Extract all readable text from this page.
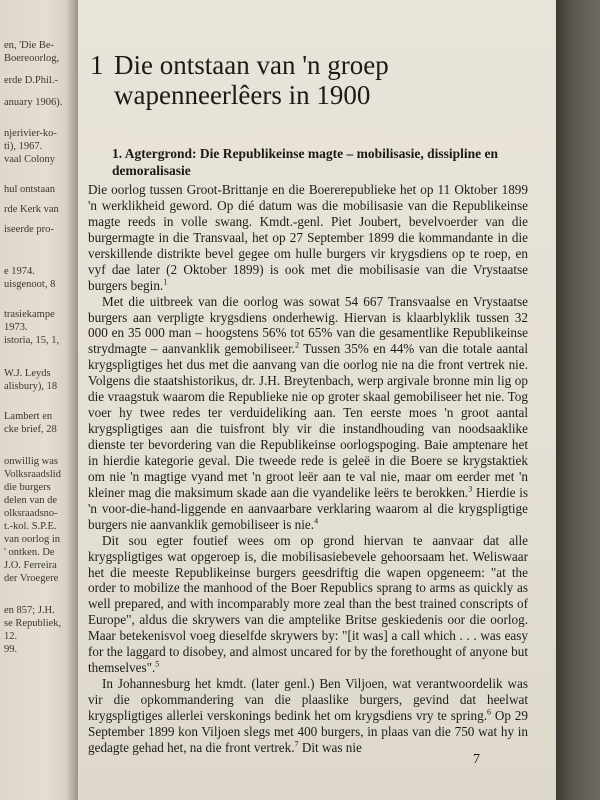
en, 'Die Be-
Boereoorlog,
erde D.Phil.-
anuary 1906).
njerivier-ko-
ti), 1967.
vaal Colony
hul ontstaan
rde Kerk van
iseerde pro-
e 1974.
uisgenoot, 8
trasiekampe
1973.
istoria, 15, 1,
W.J. Leyds
alisbury), 18
Lambert en
cke brief, 28
onwillig was
Volksraadslid
die burgers
delen van de
olksraadsno-
t.-kol. S.P.E.
van oorlog in
' ontken. De
J.O. Ferreira
der Vroegere
en 857; J.H.
se Republiek,
12.
99.
1 Die ontstaan van 'n groep wapenneerlêers in 1900
1. Agtergrond: Die Republikeinse magte – mobilisasie, dissipline en demoralisasie

Die oorlog tussen Groot-Brittanje en die Boererepublieke het op 11 Oktober 1899 'n werklikheid geword. Op dié datum was die mobilisasie van die Republikeinse magte reeds in volle swang. Kmdt.-genl. Piet Joubert, bevelvoerder van die burgermagte in die Transvaal, het op 27 September 1899 die kommandante in die verskillende distrikte bevel gegee om hulle burgers vir krygsdiens op te roep, en vyf dae later (2 Oktober 1899) is ook met die mobilisasie van die Vrystaatse burgers begin.$^1$

Met die uitbreek van die oorlog was sowat 54 667 Transvaalse en Vrystaatse burgers aan verpligte krygsdiens onderhewig. Hiervan is klaarblyklik tussen 32 000 en 35 000 man – hoogstens 56% tot 65% van die gesamentlike Republikeinse strydmagte – aanvanklik gemobiliseer.$^2$ Tussen 35% en 44% van die totale aantal krygspligtiges het dus met die aanvang van die oorlog nie na die front vertrek nie. Volgens die staatshistorikus, dr. J.H. Breytenbach, werp argivale bronne min lig op die vraagstuk waarom die Republieke nie op groter skaal gemobiliseer het nie. Tog voer hy twee redes ter verduideliking aan. Ten eerste moes 'n groot aantal krygspligtiges aan die tuisfront bly vir die instandhouding van noodsaaklike dienste ter bevordering van die Republikeinse oorlogspoging. Baie amptenare het in hierdie kategorie geval. Die tweede rede is geleë in die Boere se krygstaktiek om nie 'n magtige vyand met 'n groot leër aan te val nie, maar om eerder met 'n kleiner mag die maksimum skade aan die vyandelike leërs te berokken.$^3$ Hierdie is 'n voor-die-hand-liggende en aanvaarbare verklaring waarom al die krygspligtige burgers nie aanvanklik gemobiliseer is nie.$^4$

Dit sou egter foutief wees om op grond hiervan te aanvaar dat alle krygspligtiges wat opgeroep is, die mobilisasiebevele gehoorsaam het. Weliswaar het die meeste Republikeinse burgers geesdriftig die wapen opgeneem: "at the order to mobilize the manhood of the Boer Republics sprang to arms as quickly as well prepared, and with incomparably more zeal than the best trained conscripts of Europe", aldus die skrywers van die amptelike Britse geskiedenis oor die oorlog. Maar betekenisvol voeg dieselfde skrywers by: "[it was] a call which . . . was easy for the laggard to disobey, and almost uncared for by the forethought of anyone but themselves".$^5$

In Johannesburg het kmdt. (later genl.) Ben Viljoen, wat verantwoordelik was vir die opkommandering van die plaaslike burgers, gevind dat heelwat krygspligtiges allerlei verskonings bedink het om krygsdiens vry te spring.$^6$ Op 29 September 1899 kon Viljoen slegs met 400 burgers, in plaas van die 750 wat hy in gedagte gehad het, na die front vertrek.$^7$ Dit was nie

7
